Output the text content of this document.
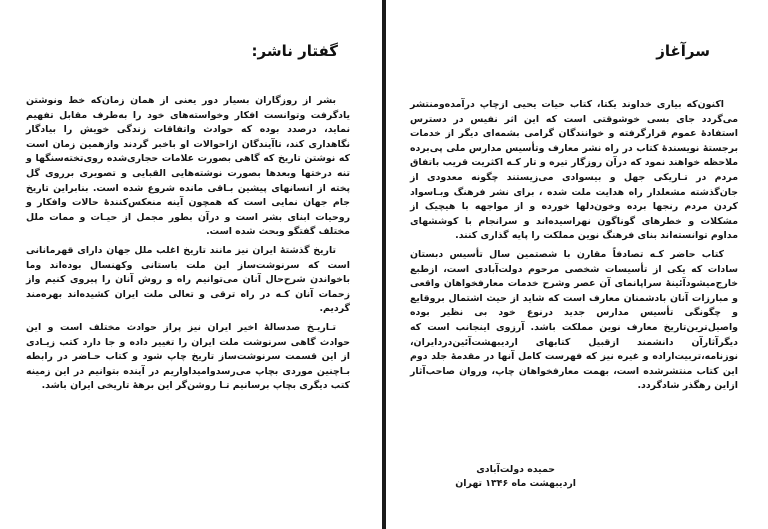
گفتار ناشر:

بشر از روزگاران بسیار دور یعنی از همان زمان‌که خط ونوشتن یادگرفت وتوانست افکار وخواسته‌های خود را به‌طرف مقابل تفهیم نماید، درصدد بوده که حوادث واتفاقات زندگی خویش را بیادگار نگاهداری کند، تاآیندگان ازاحوالات او باخبر گردند وازهمین زمان است که نوشتن تاریخ که گاهی بصورت علامات حجاری‌شده روی‌تخته‌سنگها و تنه درختها وبعدها بصورت نوشته‌هایی القبایی و تصویری برروی گل پخته از انسانهای پیشین بـاقی مانده شروع شده است. بنابراین تاریخ جام جهان نمایی است که همچون آینه منعکس‌کنندهٔ حالات وافکار و روحیات ابنای بشر است و درآن بطور مجمل از حیـات و ممات ملل مختلف گفتگو وبحث شده است.

تاریخ گذشتهٔ ایران نیز مانند تاریخ اغلب ملل جهان دارای قهرمانانی است که سرنوشت‌ساز این ملت باستانی وکهنسال بوده‌اند وما باخواندن شرح‌حال آنان می‌توانیم راه و روش آنان را پیروی کنیم واز زحمات آنان کـه در راه ترقی و تعالی ملت ایران کشیده‌اند بهره‌مند گردیم.

تـاریـخ صدسالهٔ اخیر ایران نیز پراز حوادث مختلف است و این حوادث گاهی سرنوشت ملت ایران را تغییر داده و جا دارد کتب زیـادی از این قسمت سرنوشت‌ساز تاریخ چاپ شود و کتاب حـاضر در رابطه بـاچنین موردی بچاپ می‌رسدوامیداواریم در آینده بتوانیم در این زمینه کتب دیگری بچاپ برسانیم تـا روشن‌گر این برههٔ تاریخی ایران باشد.

سرآغاز

اکنون‌که بیاری خداوند یکتا، کتاب حیات یحیی ازچاپ درآمده‌ومنتشر می‌گردد جای بسی خوشوقتی است که این اثر نفیس در دسترس استفادهٔ عموم قرارگرفته و خوانندگان گرامی بشمه‌ای دیگر از خدمات برجستهٔ نویسندهٔ کتاب در راه نشر معارف وتأسیس مدارس ملی پی‌برده ملاحظه خواهند نمود که درآن روزگار تیره و تار کـه اکثریت قریب باتفاق مردم در تـاریکی جهل و بیسوادی می‌زیستند چگونه معدودی از جان‌گذشته مشعلدار راه هدایت ملت شده ، برای نشر فرهنگ وبـاسواد کردن مردم رنجها برده وخون‌دلها خورده و از مواجهه با هیچیک از مشکلات و خطرهای گوناگون نهراسیده‌اند و سرانجام با کوششهای مداوم توانسته‌اند بنای فرهنگ نوین مملکت را پایه گذاری کنند.

کتاب حاضر کـه تصادفاً مقارن با شصتمین سال تأسیس دبستان سادات که یکی از تأسیسات شخصی مرحوم دولت‌آبادی است، ازطبع خارج‌میشودآئینهٔ سراپانمای آن عصر وشرح خدمات معارفخواهان واقعی و مبارزات آنان بادشمنان معارف است که شاید از حیث اشتمال بروقایع و چگونگی تأسیس مدارس جدید درنوع خود بی نظیر بوده واصیل‌ترین‌تاریخ معارف نوین مملکت باشد. آرزوی اینجانب است که دیگرآثارآن دانشمند ازقبیل کتابهای اردیبهشت‌آئین‌دردایران، نوزنامه،تربیت‌اراده و غیره نیز که فهرست کامل آنها در مقدمهٔ جلد دوم این کتاب منتشرشده است، بهمت معارفخواهان چاپ، وروان صاحب‌آثار ازاین رهگذر شادگردد.

حمیده دولت‌آبادی
اردیبهشت ماه ۱۳۴۶ تهران
